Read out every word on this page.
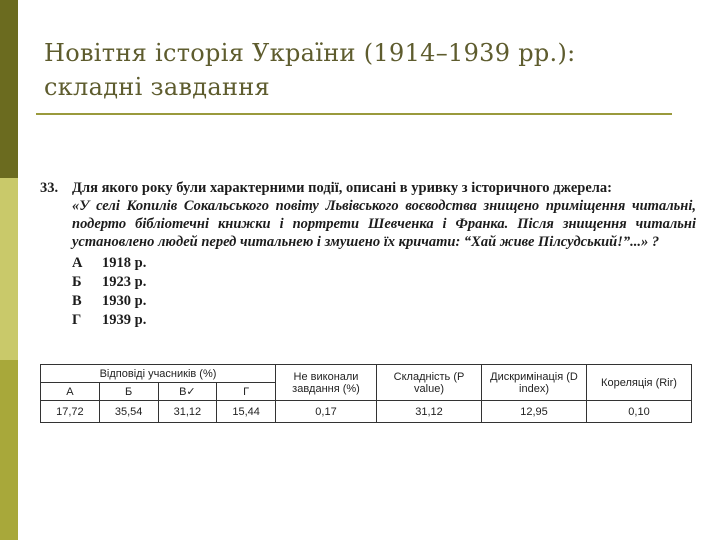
Новітня історія України (1914–1939 рр.):
складні завдання
33. Для якого року були характерними події, описані в уривку з історичного джерела:
«У селі Копилів Сокальського повіту Львівського воєводства знищено приміщення читальні, подерто бібліотечні книжки і портрети Шевченка і Франка. Після знищення читальні установлено людей перед читальнею і змушено їх кричати: “Хай живе Пілсудський!”...» ?
А	1918 р.
Б	1923 р.
В	1930 р.
Г	1939 р.
Відповіді учасників (%)				Не виконали завдання (%)	Складність (P value)	Дискримінація (D index)	Кореляція (Rir)
А	Б	В✓	Г				
17,72	35,54	31,12	15,44	0,17	31,12	12,95	0,10
